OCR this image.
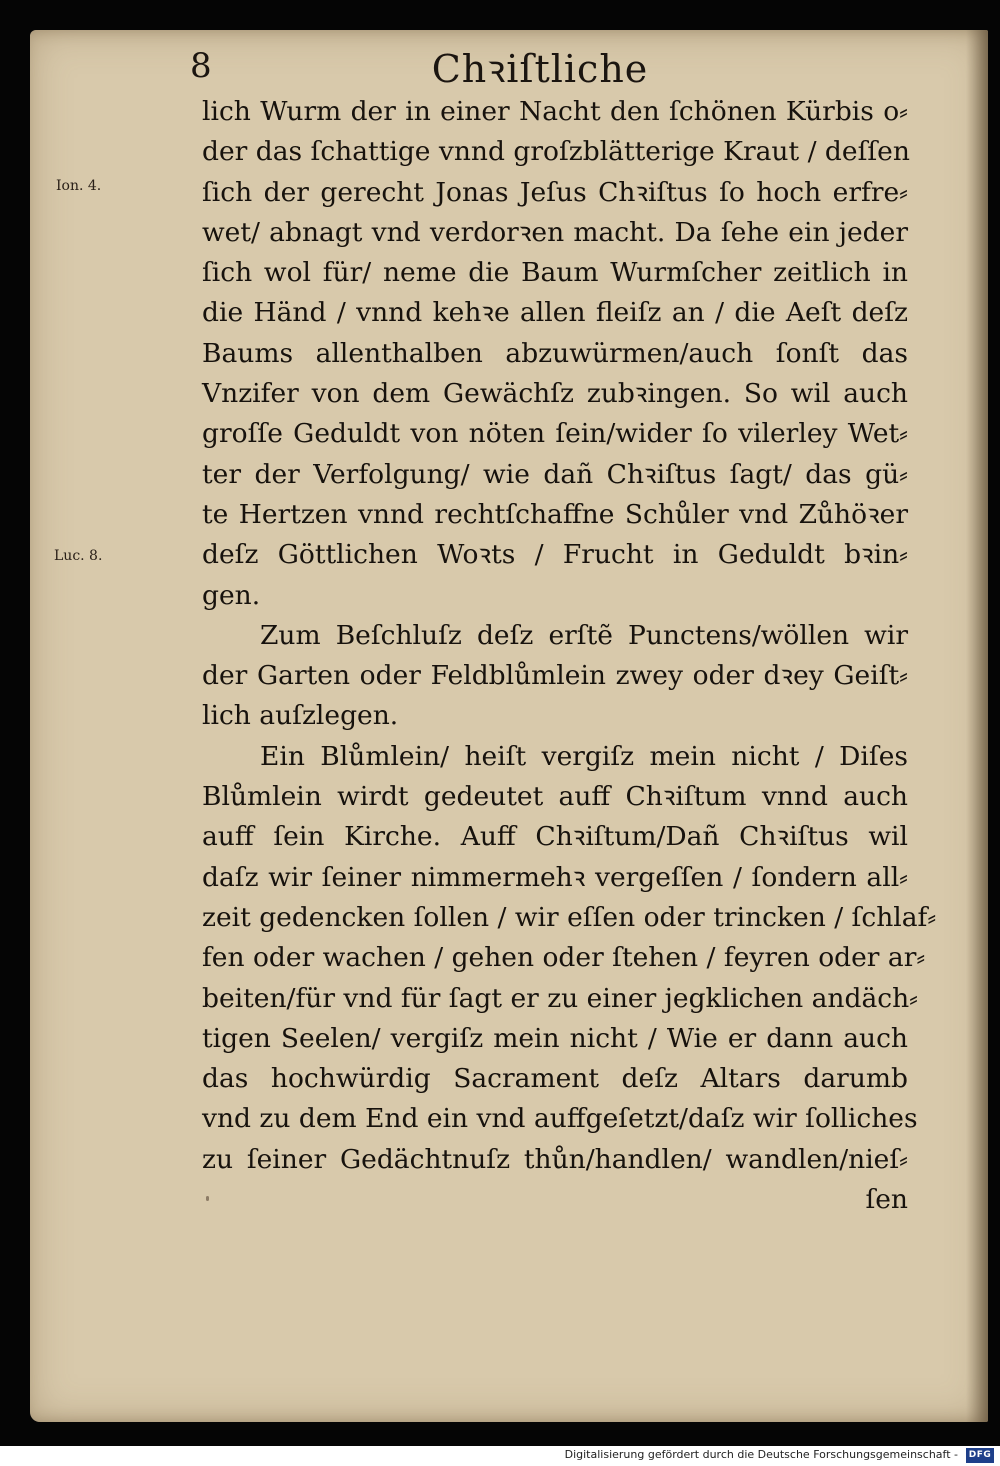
8	Chꝛiſtliche
Ion. 4.
Luc. 8.
lich Wurm der in einer Nacht den ſchönen Kürbis o⸗
der das ſchattige vnnd groſzblätterige Kraut / deſſen
ſich der gerecht Jonas Jeſus Chꝛiſtus ſo hoch erfre⸗
wet/ abnagt vnd verdorꝛen macht. Da ſehe ein jeder
ſich wol für/ neme die Baum Wurmſcher zeitlich in
die Händ / vnnd kehꝛe allen fleiſz an / die Aeſt deſz
Baums allenthalben abzuwürmen/auch ſonſt das
Vnzifer von dem Gewächſz zubꝛingen. So wil auch
groſſe Geduldt von nöten ſein/wider ſo vilerley Wet⸗
ter der Verfolgung/ wie dañ Chꝛiſtus ſagt/ das gü⸗
te Hertzen vnnd rechtſchaffne Schůler vnd Zůhöꝛer
deſz Göttlichen Woꝛts / Frucht in Geduldt bꝛin⸗
gen.
Zum Beſchluſz deſz erſtẽ Punctens/wöllen wir
der Garten oder Feldblůmlein zwey oder dꝛey Geiſt⸗
lich auſzlegen.
Ein Blůmlein/ heiſt vergiſz mein nicht / Diſes
Blůmlein wirdt gedeutet auff Chꝛiſtum vnnd auch
auff ſein Kirche. Auff Chꝛiſtum/Dañ Chꝛiſtus wil
daſz wir ſeiner nimmermehꝛ vergeſſen / ſondern all⸗
zeit gedencken ſollen / wir eſſen oder trincken / ſchlaf⸗
fen oder wachen / gehen oder ſtehen / feyren oder ar⸗
beiten/für vnd für ſagt er zu einer jegklichen andäch⸗
tigen Seelen/ vergiſz mein nicht / Wie er dann auch
das hochwürdig Sacrament deſz Altars darumb
vnd zu dem End ein vnd auffgeſetzt/daſz wir ſolliches
zu ſeiner Gedächtnuſz thůn/handlen/ wandlen/nieſ⸗
ſen
Digitalisierung gefördert durch die Deutsche Forschungsgemeinschaft -	DFG
